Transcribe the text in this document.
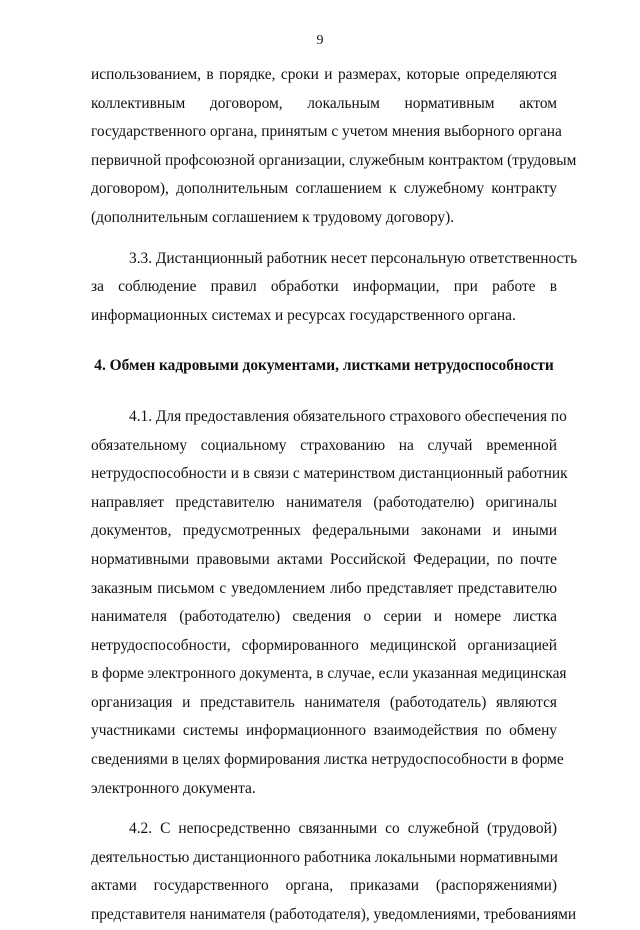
9

использованием, в порядке, сроки и размерах, которые определяются
коллективным договором, локальным нормативным актом
государственного органа, принятым с учетом мнения выборного органа
первичной профсоюзной организации, служебным контрактом (трудовым
договором), дополнительным соглашением к служебному контракту
(дополнительным соглашением к трудовому договору).

3.3. Дистанционный работник несет персональную ответственность
за соблюдение правил обработки информации, при работе в
информационных системах и ресурсах государственного органа.

4. Обмен кадровыми документами, листками нетрудоспособности

4.1. Для предоставления обязательного страхового обеспечения по
обязательному социальному страхованию на случай временной
нетрудоспособности и в связи с материнством дистанционный работник
направляет представителю нанимателя (работодателю) оригиналы
документов, предусмотренных федеральными законами и иными
нормативными правовыми актами Российской Федерации, по почте
заказным письмом с уведомлением либо представляет представителю
нанимателя (работодателю) сведения о серии и номере листка
нетрудоспособности, сформированного медицинской организацией
в форме электронного документа, в случае, если указанная медицинская
организация и представитель нанимателя (работодатель) являются
участниками системы информационного взаимодействия по обмену
сведениями в целях формирования листка нетрудоспособности в форме
электронного документа.

4.2. С непосредственно связанными со служебной (трудовой)
деятельностью дистанционного работника локальными нормативными
актами государственного органа, приказами (распоряжениями)
представителя нанимателя (работодателя), уведомлениями, требованиями
